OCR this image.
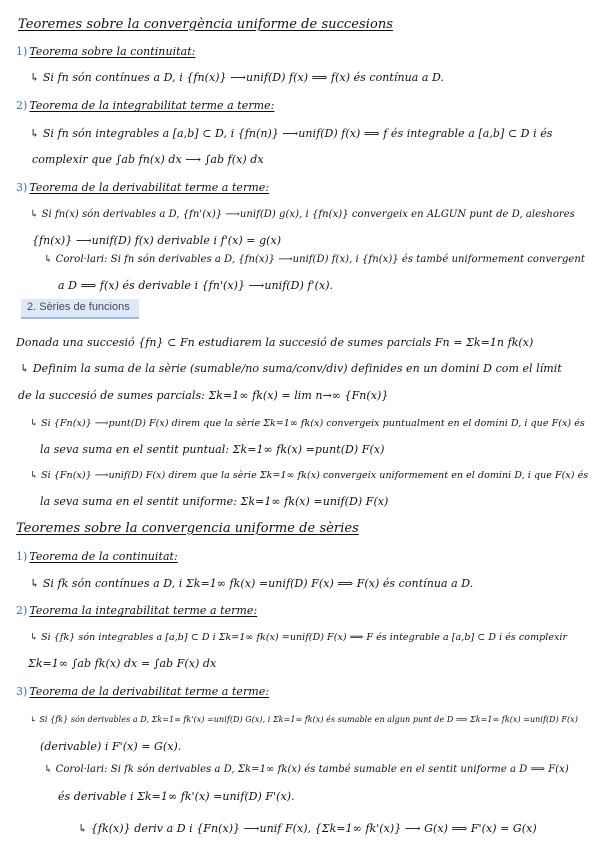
2. Sèries de funcions
Teoremes sobre la convergència uniforme de succesions
1) Teorema sobre la continuitat:
↳ Si fn són contínues a D, i {fn(x)} ⟶unif(D) f(x) ⟹ f(x) és contínua a D.
2) Teorema de la integrabilitat terme a terme:
↳ Si fn són integrables a [a,b] ⊂ D, i {fn(n)} ⟶unif(D) f(x) ⟹ f és integrable a [a,b] ⊂ D i és
complexir que ∫ab fn(x) dx ⟶ ∫ab f(x) dx
3) Teorema de la derivabilitat terme a terme:
↳ Si fn(x) són derivables a D, {fn'(x)} ⟶unif(D) g(x), i {fn(x)} convergeix en ALGUN punt de D, aleshores
{fn(x)} ⟶unif(D) f(x) derivable i f'(x) = g(x)
↳ Corol·lari: Si fn són derivables a D, {fn(x)} ⟶unif(D) f(x), i {fn(x)} és també uniformement convergent
a D ⟹ f(x) és derivable i {fn'(x)} ⟶unif(D) f'(x).
Donada una succesió {fn} ⊂ Fn estudiarem la succesió de sumes parcials Fn = Σk=1n fk(x)
↳ Definim la suma de la sèrie (sumable/no suma/conv/div) definides en un domini D com el límit
de la succesió de sumes parcials: Σk=1∞ fk(x) = lim n→∞ {Fn(x)}
↳ Si {Fn(x)} ⟶punt(D) F(x) direm que la sèrie Σk=1∞ fk(x) convergeix puntualment en el domini D, i que F(x) és
la seva suma en el sentit puntual: Σk=1∞ fk(x) =punt(D) F(x)
↳ Si {Fn(x)} ⟶unif(D) F(x) direm que la sèrie Σk=1∞ fk(x) convergeix uniformement en el domini D, i que F(x) és
la seva suma en el sentit uniforme: Σk=1∞ fk(x) =unif(D) F(x)
Teoremes sobre la convergencia uniforme de sèries
1) Teorema de la continuitat:
↳ Si fk són contínues a D, i Σk=1∞ fk(x) =unif(D) F(x) ⟹ F(x) és contínua a D.
2) Teorema la integrabilitat terme a terme:
↳ Si {fk} són integrables a [a,b] ⊂ D i Σk=1∞ fk(x) =unif(D) F(x) ⟹ F és integrable a [a,b] ⊂ D i és complexir
Σk=1∞ ∫ab fk(x) dx = ∫ab F(x) dx
3) Teorema de la derivabilitat terme a terme:
↳ Si {fk} són derivables a D, Σk=1∞ fk'(x) =unif(D) G(x), i Σk=1∞ fk(x) és sumable en algun punt de D ⟹ Σk=1∞ fk(x) =unif(D) F(x)
(derivable) i F'(x) = G(x).
↳ Corol·lari: Si fk són derivables a D, Σk=1∞ fk(x) és també sumable en el sentit uniforme a D ⟹ F(x)
és derivable i Σk=1∞ fk'(x) =unif(D) F'(x).
↳ {fk(x)} deriv a D i {Fn(x)} ⟶unif F(x), {Σk=1∞ fk'(x)} ⟶ G(x) ⟹ F'(x) = G(x)
